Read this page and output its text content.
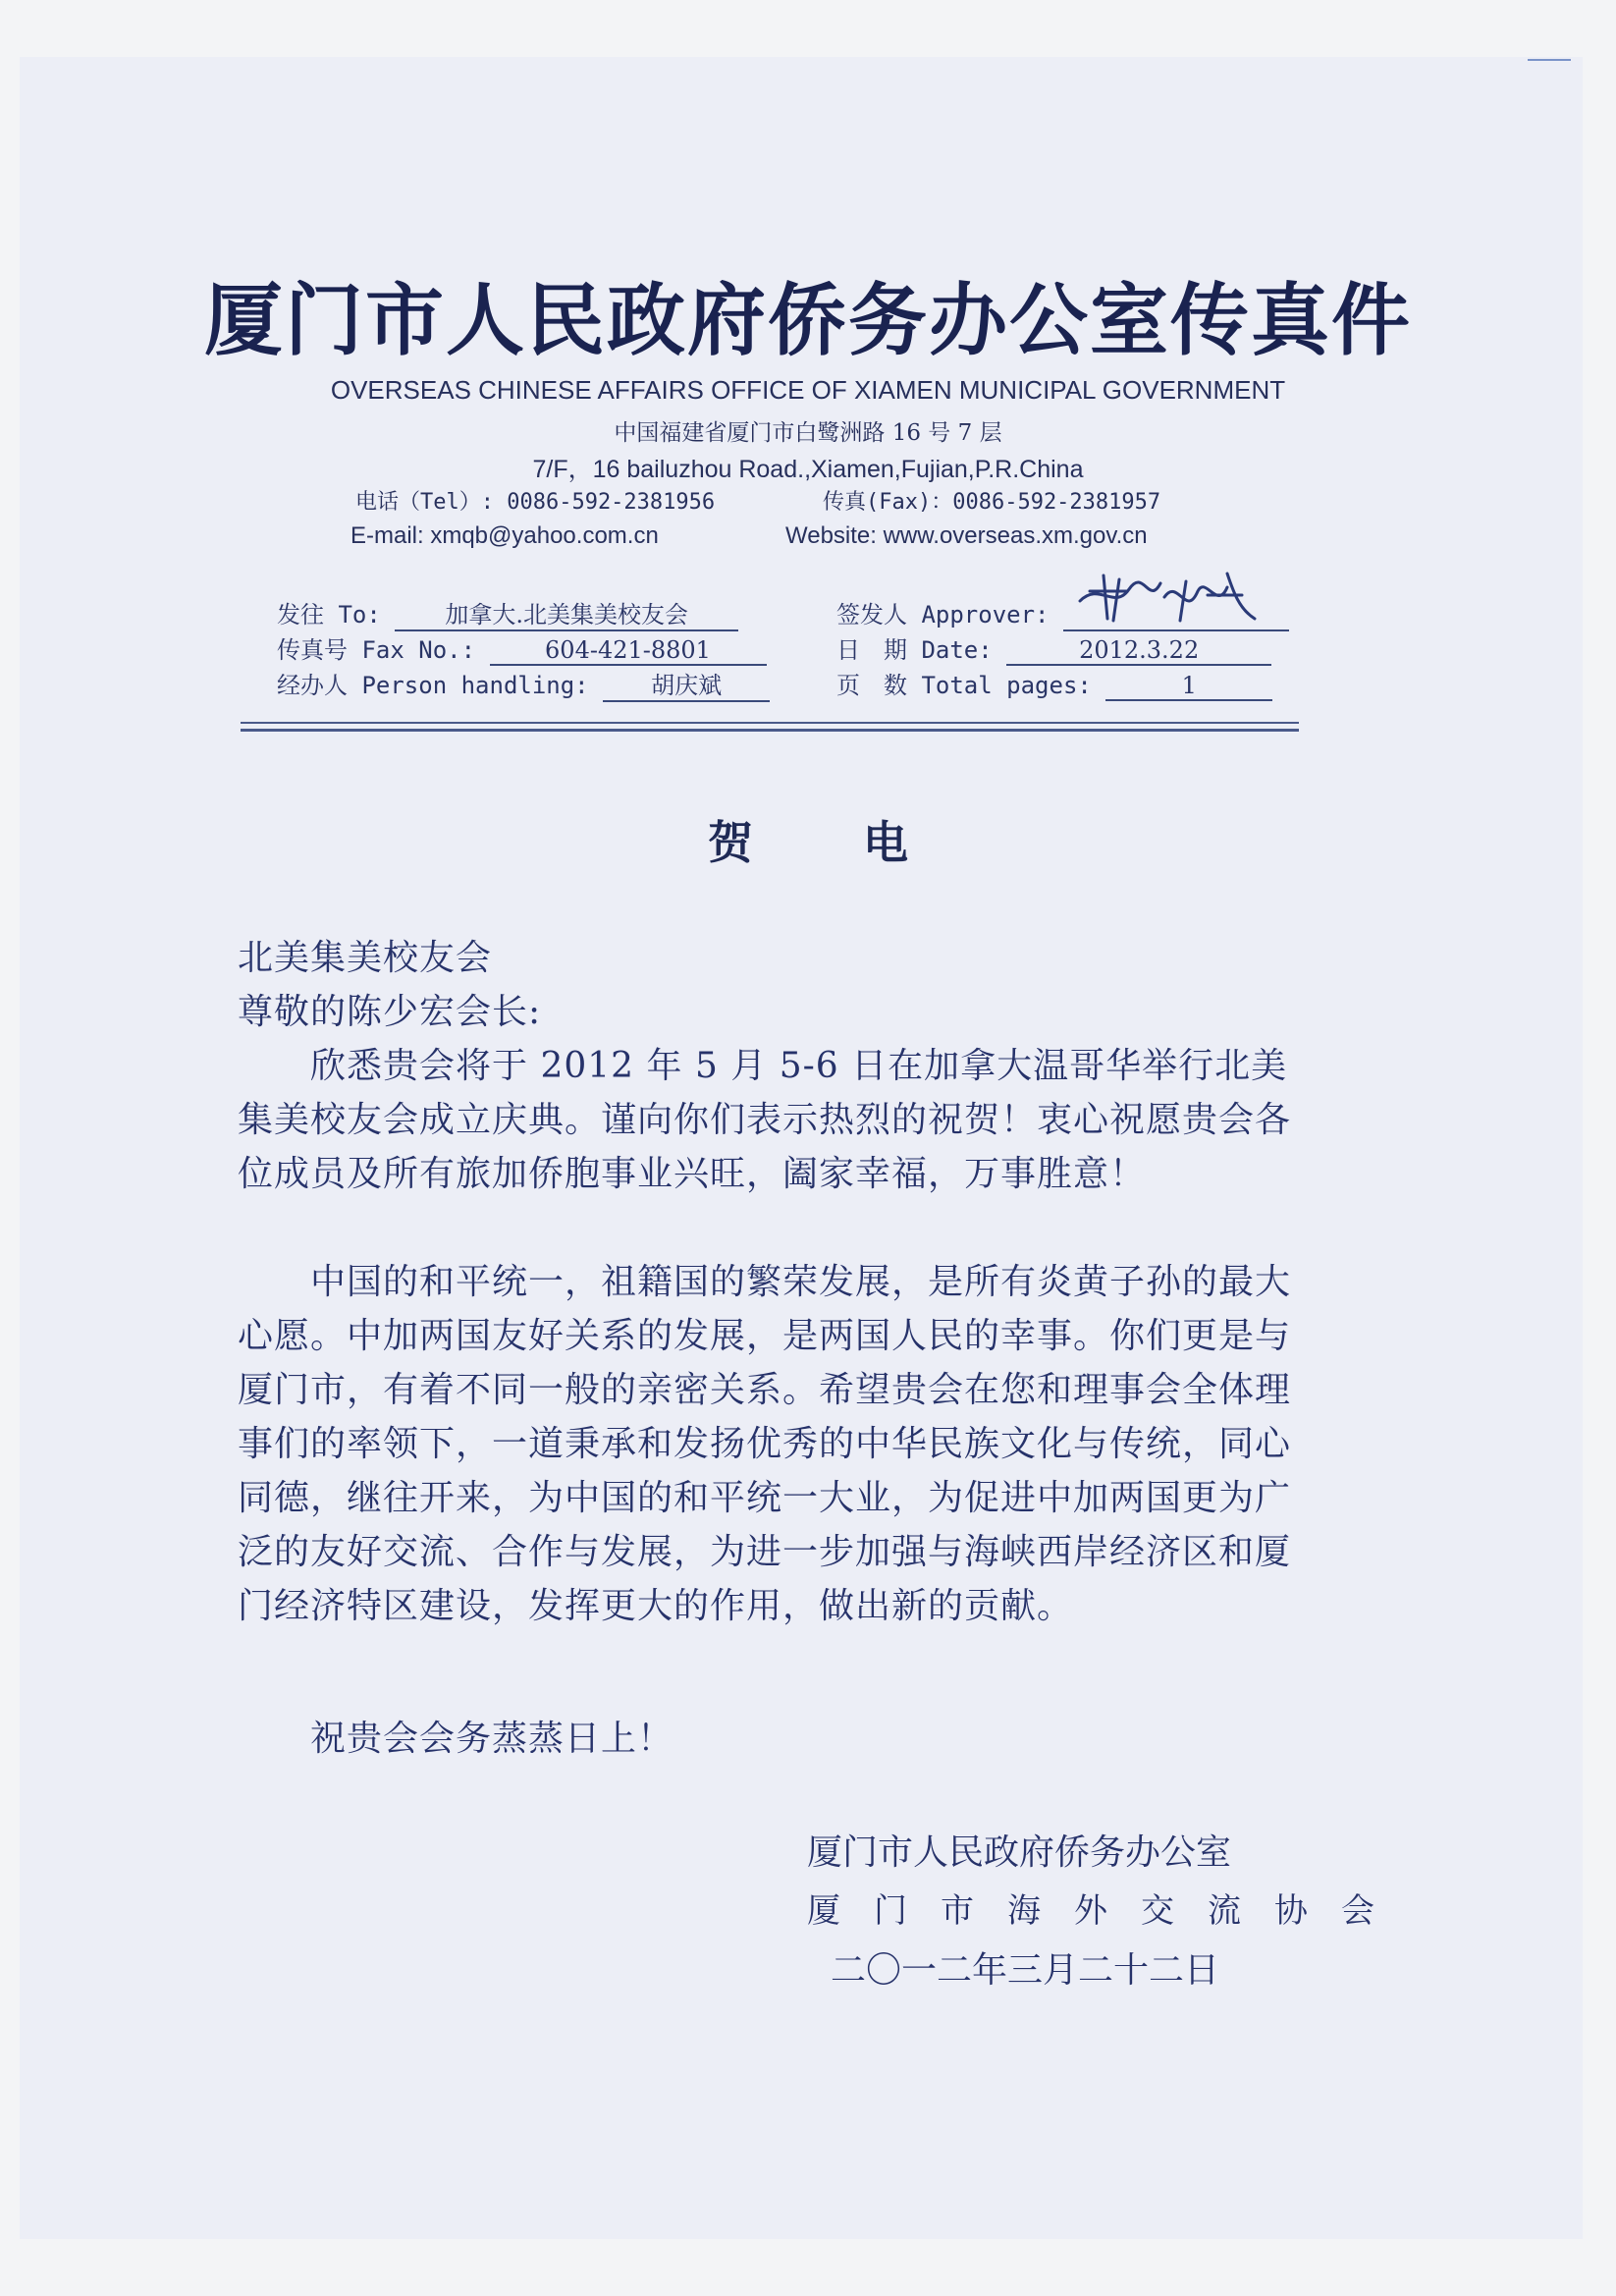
厦门市人民政府侨务办公室传真件
OVERSEAS CHINESE AFFAIRS OFFICE OF XIAMEN MUNICIPAL GOVERNMENT
中国福建省厦门市白鹭洲路 16 号 7 层
7/F，16 bailuzhou Road.,Xiamen,Fujian,P.R.China
电话（Tel）: 0086-592-2381956	传真(Fax)：0086-592-2381957
E-mail: xmqb@yahoo.com.cn	Website: www.overseas.xm.gov.cn
发往 To:	加拿大.北美集美校友会
传真号 Fax No.:	604-421-8801
经办人 Person handling:	胡庆斌
签发人 Approver:
日　期 Date:	2012.3.22
页　数 Total pages:	1
贺电
北美集美校友会
尊敬的陈少宏会长:
　　欣悉贵会将于 2012 年 5 月 5-6 日在加拿大温哥华举行北美集美校友会成立庆典。谨向你们表示热烈的祝贺！衷心祝愿贵会各位成员及所有旅加侨胞事业兴旺，阖家幸福，万事胜意！
　　中国的和平统一，祖籍国的繁荣发展，是所有炎黄子孙的最大心愿。中加两国友好关系的发展，是两国人民的幸事。你们更是与厦门市，有着不同一般的亲密关系。希望贵会在您和理事会全体理事们的率领下，一道秉承和发扬优秀的中华民族文化与传统，同心同德，继往开来，为中国的和平统一大业，为促进中加两国更为广泛的友好交流、合作与发展，为进一步加强与海峡西岸经济区和厦门经济特区建设，发挥更大的作用，做出新的贡献。
　　祝贵会会务蒸蒸日上！
厦门市人民政府侨务办公室
厦　门　市　海　外　交　流　协　会
二〇一二年三月二十二日
